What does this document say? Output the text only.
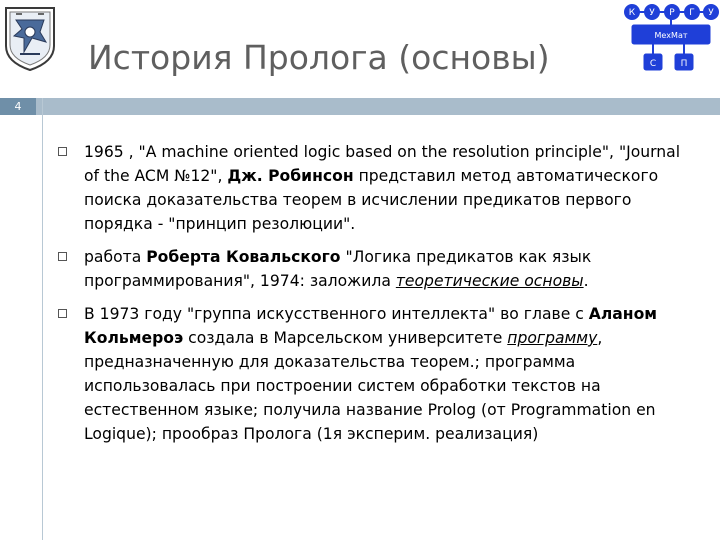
К У Р Г У
МехМат
С	П
История Пролога (основы)
4
1965 , "A machine oriented logic based on the resolution principle", "Journal of the ACM №12", Дж. Робинсон представил метод автоматического поиска доказательства теорем в исчислении предикатов первого порядка - "принцип резолюции".
работа Роберта Ковальского "Логика предикатов как язык программирования", 1974: заложила теоретические основы.
В 1973 году "группа искусственного интеллекта" во главе с Аланом Кольмероэ создала в Марсельском университете программу, предназначенную для доказательства теорем.; программа использовалась при построении систем обработки текстов на естественном языке; получила название Prolog (от Programmation en Logique); прообраз Пролога (1я эксперим. реализация)
